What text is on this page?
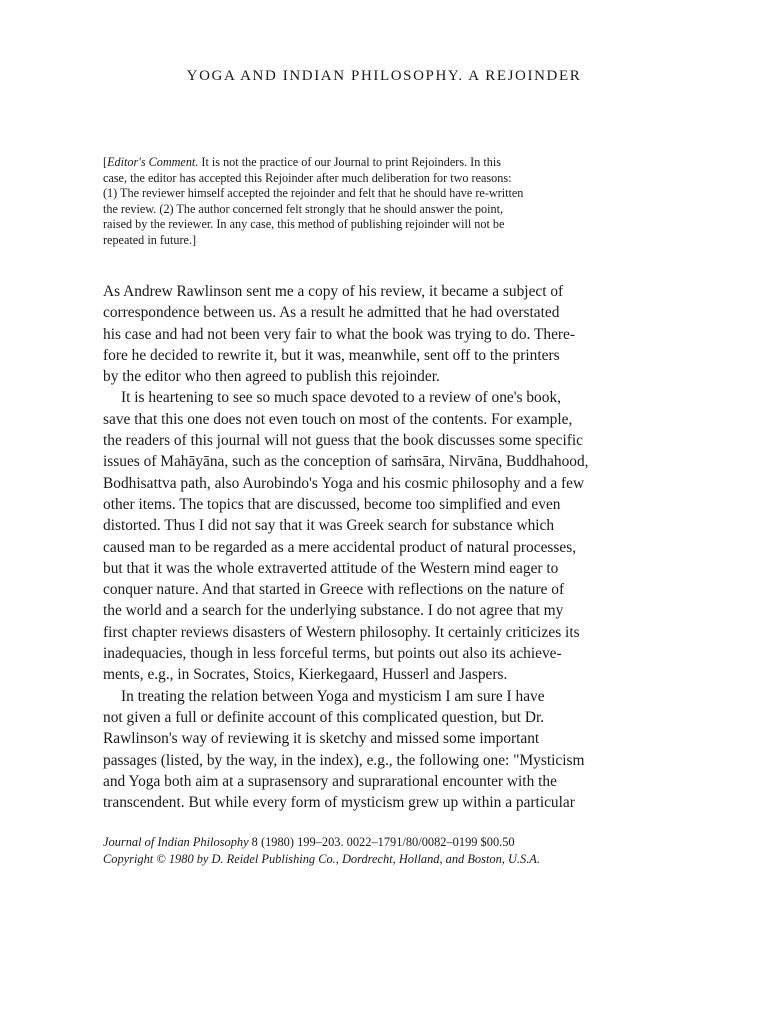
YOGA AND INDIAN PHILOSOPHY. A REJOINDER
[Editor's Comment. It is not the practice of our Journal to print Rejoinders. In this
case, the editor has accepted this Rejoinder after much deliberation for two reasons:
(1) The reviewer himself accepted the rejoinder and felt that he should have re-written
the review. (2) The author concerned felt strongly that he should answer the point,
raised by the reviewer. In any case, this method of publishing rejoinder will not be
repeated in future.]
As Andrew Rawlinson sent me a copy of his review, it became a subject of
correspondence between us. As a result he admitted that he had overstated
his case and had not been very fair to what the book was trying to do. There-
fore he decided to rewrite it, but it was, meanwhile, sent off to the printers
by the editor who then agreed to publish this rejoinder.
It is heartening to see so much space devoted to a review of one's book,
save that this one does not even touch on most of the contents. For example,
the readers of this journal will not guess that the book discusses some specific
issues of Mahāyāna, such as the conception of saṁsāra, Nirvāna, Buddhahood,
Bodhisattva path, also Aurobindo's Yoga and his cosmic philosophy and a few
other items. The topics that are discussed, become too simplified and even
distorted. Thus I did not say that it was Greek search for substance which
caused man to be regarded as a mere accidental product of natural processes,
but that it was the whole extraverted attitude of the Western mind eager to
conquer nature. And that started in Greece with reflections on the nature of
the world and a search for the underlying substance. I do not agree that my
first chapter reviews disasters of Western philosophy. It certainly criticizes its
inadequacies, though in less forceful terms, but points out also its achieve-
ments, e.g., in Socrates, Stoics, Kierkegaard, Husserl and Jaspers.
In treating the relation between Yoga and mysticism I am sure I have
not given a full or definite account of this complicated question, but Dr.
Rawlinson's way of reviewing it is sketchy and missed some important
passages (listed, by the way, in the index), e.g., the following one: "Mysticism
and Yoga both aim at a suprasensory and suprarational encounter with the
transcendent. But while every form of mysticism grew up within a particular
Journal of Indian Philosophy 8 (1980) 199–203. 0022–1791/80/0082–0199 $00.50
Copyright © 1980 by D. Reidel Publishing Co., Dordrecht, Holland, and Boston, U.S.A.
